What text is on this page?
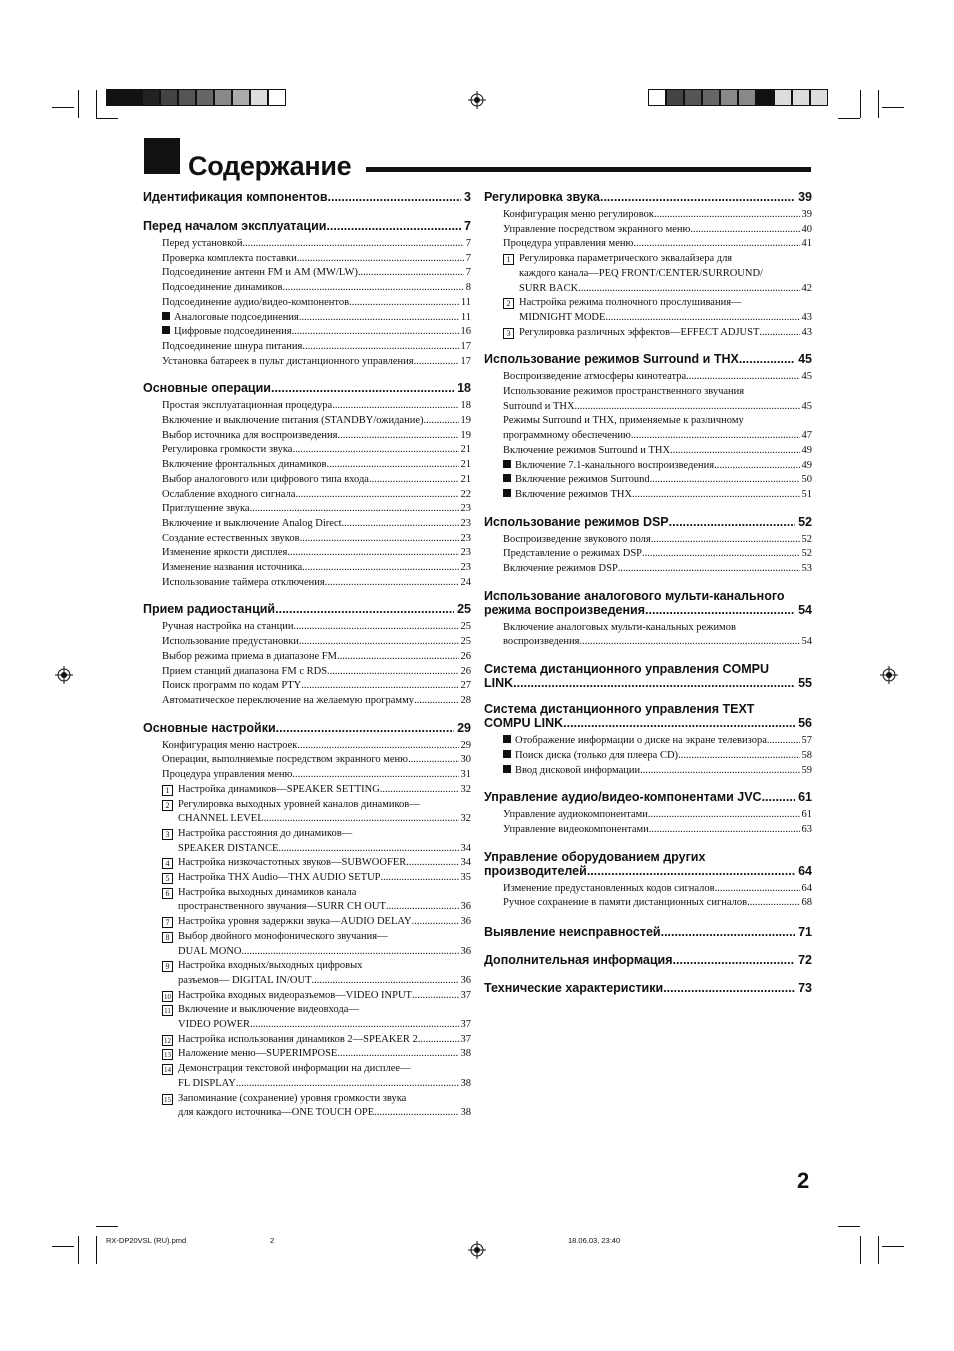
Содержание
Идентификация компонентов .....	3
Перед началом эксплуатации .....	7
Перед установкой .....	7
Проверка комплекта поставки .....	7
Подсоединение антенн FM и AM (MW/LW) .....	7
Подсоединение динамиков .....	8
Подсоединение аудио/видео-компонентов .....	11
Аналоговые подсоединения .....	11
Цифровые подсоединения .....	16
Подсоединение шнура питания .....	17
Установка батареек в пульт дистанционного управления .....	17
Основные операции .....	18
Простая эксплуатационная процедура .....	18
Включение и выключение питания (STANDBY/ожидание) .....	19
Выбор источника для воспроизведения .....	19
Регулировка громкости звука .....	21
Включение фронтальных динамиков .....	21
Выбор аналогового или цифрового типа входа .....	21
Ослабление входного сигнала .....	22
Приглушение звука .....	23
Включение и выключение Analog Direct .....	23
Создание естественных звуков .....	23
Изменение яркости дисплея .....	23
Изменение названия источника .....	23
Использование таймера отключения .....	24
Прием радиостанций .....	25
Ручная настройка на станции .....	25
Использование предустановки .....	25
Выбор режима приема в диапазоне FM .....	26
Прием станций диапазона FM с RDS .....	26
Поиск программ по кодам PTY .....	27
Автоматическое переключение на желаемую программу .....	28
Основные настройки .....	29
Конфигурация меню настроек .....	29
Операции, выполняемые посредством экранного меню .....	30
Процедура управления меню .....	31
1 Настройка динамиков—SPEAKER SETTING .....	32
2 Регулировка выходных уровней каналов динамиков—
CHANNEL LEVEL .....	32
3 Настройка расстояния до динамиков—
SPEAKER DISTANCE .....	34
4 Настройка низкочастотных звуков—SUBWOOFER .....	34
5 Настройка THX Audio—THX AUDIO SETUP .....	35
6 Настройка выходных динамиков канала
пространственного звучания—SURR CH OUT .....	36
7 Настройка уровня задержки звука—AUDIO DELAY .....	36
8 Выбор двойного монофонического звучания—
DUAL MONO .....	36
9 Настройка входных/выходных цифровых
разъемов— DIGITAL IN/OUT .....	36
10 Настройка входных видеоразъемов—VIDEO INPUT .....	37
11 Включение и выключение видеовхода—
VIDEO POWER .....	37
12 Настройка использования динамиков 2—SPEAKER 2 .....	37
13 Наложение меню—SUPERIMPOSE .....	38
14 Демонстрация текстовой информации на дисплее—
FL DISPLAY .....	38
15 Запоминание (сохранение) уровня громкости звука
для каждого источника—ONE TOUCH OPE .....	38
Регулировка звука .....	39
Конфигурация меню регулировок .....	39
Управление посредством экранного меню .....	40
Процедура управления меню .....	41
1 Регулировка параметрического эквалайзера для
каждого канала—PEQ FRONT/CENTER/SURROUND/
SURR BACK .....	42
2 Настройка режима полночного прослушивания—
MIDNIGHT MODE .....	43
3 Регулировка различных эффектов—EFFECT ADJUST .....	43
Использование режимов Surround и THX .....	45
Воспроизведение атмосферы кинотеатра .....	45
Использование режимов пространственного звучания
Surround и THX .....	45
Режимы Surround и THX, применяемые к различному
программному обеспечению .....	47
Включение режимов Surround и THX .....	49
Включение 7.1-канального воспроизведения .....	49
Включение режимов Surround .....	50
Включение режимов THX .....	51
Использование режимов DSP .....	52
Воспроизведение звукового поля .....	52
Представление о режимах DSP .....	52
Включение режимов DSP .....	53
Использование аналогового мульти-канального
режима воспроизведения .....	54
Включение аналоговых мульти-канальных режимов
воспроизведения .....	54
Система дистанционного управления COMPU
LINK .....	55
Система дистанционного управления TEXT
COMPU LINK .....	56
Отображение информации о диске на экране телевизора .....	57
Поиск диска (только для плеера CD) .....	58
Ввод дисковой информации .....	59
Управление аудио/видео-компонентами JVC .....	61
Управление аудиокомпонентами .....	61
Управление видеокомпонентами .....	63
Управление оборудованием других
производителей .....	64
Изменение предустановленных кодов сигналов .....	64
Ручное сохранение в памяти дистанционных сигналов .....	68
Выявление неисправностей .....	71
Дополнительная информация .....	72
Технические характеристики .....	73
2
RX-DP20VSL (RU).pmd	2	18.06.03, 23:40
